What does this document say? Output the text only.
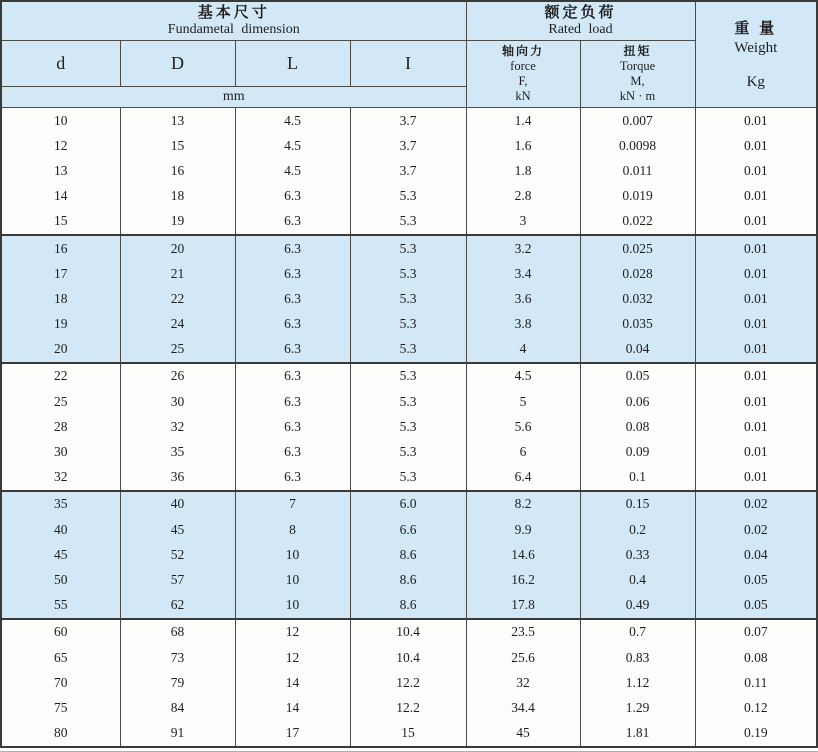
基本尺寸
Fundametal dimension				额定负荷
Rated load		重 量
Weight
Kg

d	D	L	I	轴向力
force
F,
kN	扭矩
Torque
M,
kN · m	

mm						
10	13	4.5	3.7	1.4	0.007	0.01
12	15	4.5	3.7	1.6	0.0098	0.01
13	16	4.5	3.7	1.8	0.011	0.01
14	18	6.3	5.3	2.8	0.019	0.01
15	19	6.3	5.3	3	0.022	0.01
16	20	6.3	5.3	3.2	0.025	0.01
17	21	6.3	5.3	3.4	0.028	0.01
18	22	6.3	5.3	3.6	0.032	0.01
19	24	6.3	5.3	3.8	0.035	0.01
20	25	6.3	5.3	4	0.04	0.01
22	26	6.3	5.3	4.5	0.05	0.01
25	30	6.3	5.3	5	0.06	0.01
28	32	6.3	5.3	5.6	0.08	0.01
30	35	6.3	5.3	6	0.09	0.01
32	36	6.3	5.3	6.4	0.1	0.01
35	40	7	6.0	8.2	0.15	0.02
40	45	8	6.6	9.9	0.2	0.02
45	52	10	8.6	14.6	0.33	0.04
50	57	10	8.6	16.2	0.4	0.05
55	62	10	8.6	17.8	0.49	0.05
60	68	12	10.4	23.5	0.7	0.07
65	73	12	10.4	25.6	0.83	0.08
70	79	14	12.2	32	1.12	0.11
75	84	14	12.2	34.4	1.29	0.12
80	91	17	15	45	1.81	0.19
